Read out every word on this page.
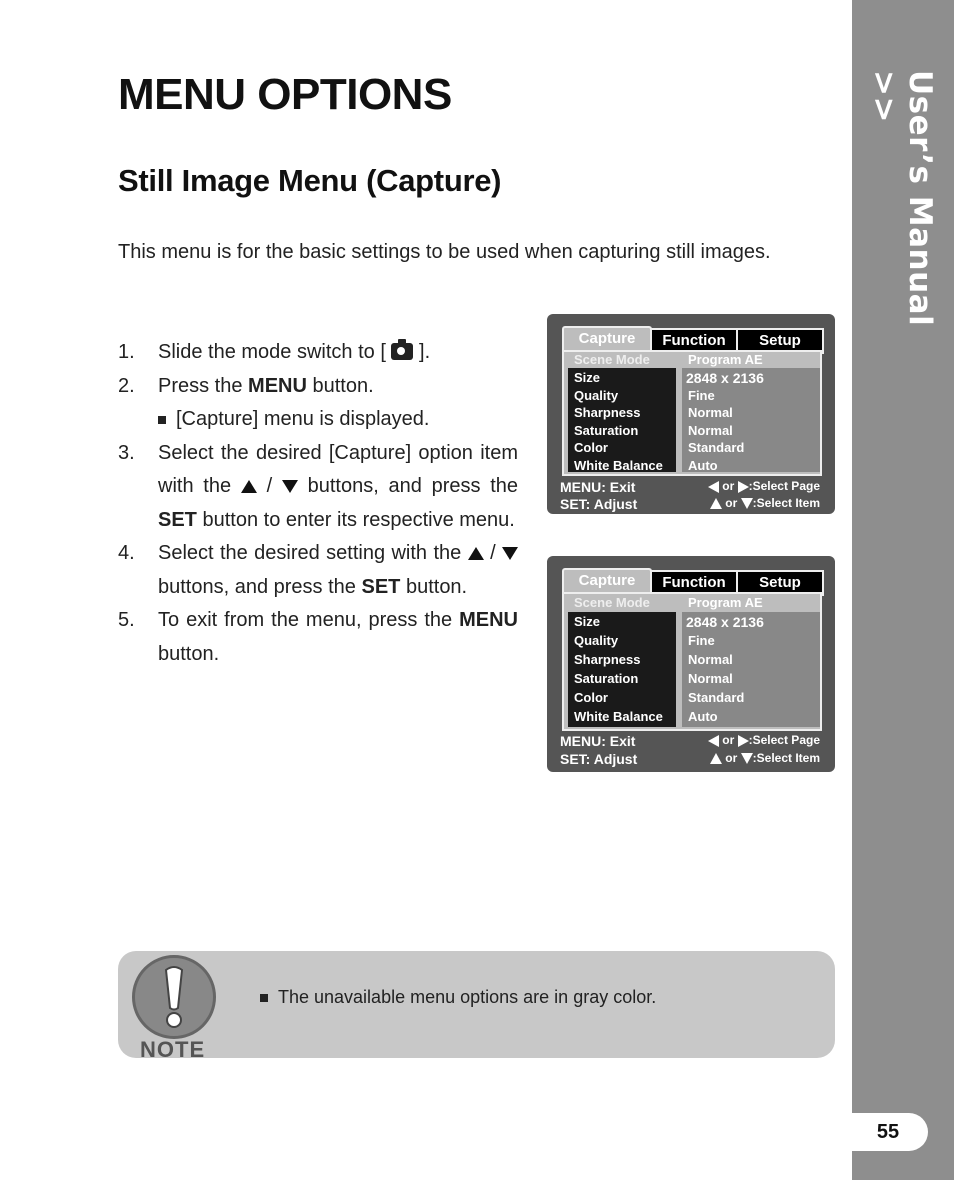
User’s Manual >>
55
MENU OPTIONS
Still Image Menu (Capture)

This menu is for the basic settings to be used when capturing still images.

1.	Slide the mode switch to [ ].
2.	Press the MENU button.
[Capture] menu is displayed.
3.	Select the desired [Capture] option item with the / buttons, and press the SET button to enter its respective menu.
4.	Select the desired setting with the /  buttons, and press the SET button.
5.	To exit from the menu, press the MENU button.
Capture	Function	Setup
Scene Mode	Program AE
Size	2848 x 2136
Quality	Fine
Sharpness	Normal
Saturation	Normal
Color	Standard
White Balance	Auto
MENU: Exit	or :Select Page
SET: Adjust	or :Select Item
Capture	Function	Setup
Scene Mode	Program AE
Size	2848 x 2136
Quality	Fine
Sharpness	Normal
Saturation	Normal
Color	Standard
White Balance	Auto
MENU: Exit	or :Select Page
SET: Adjust	or :Select Item
NOTE
The unavailable menu options are in gray color.
